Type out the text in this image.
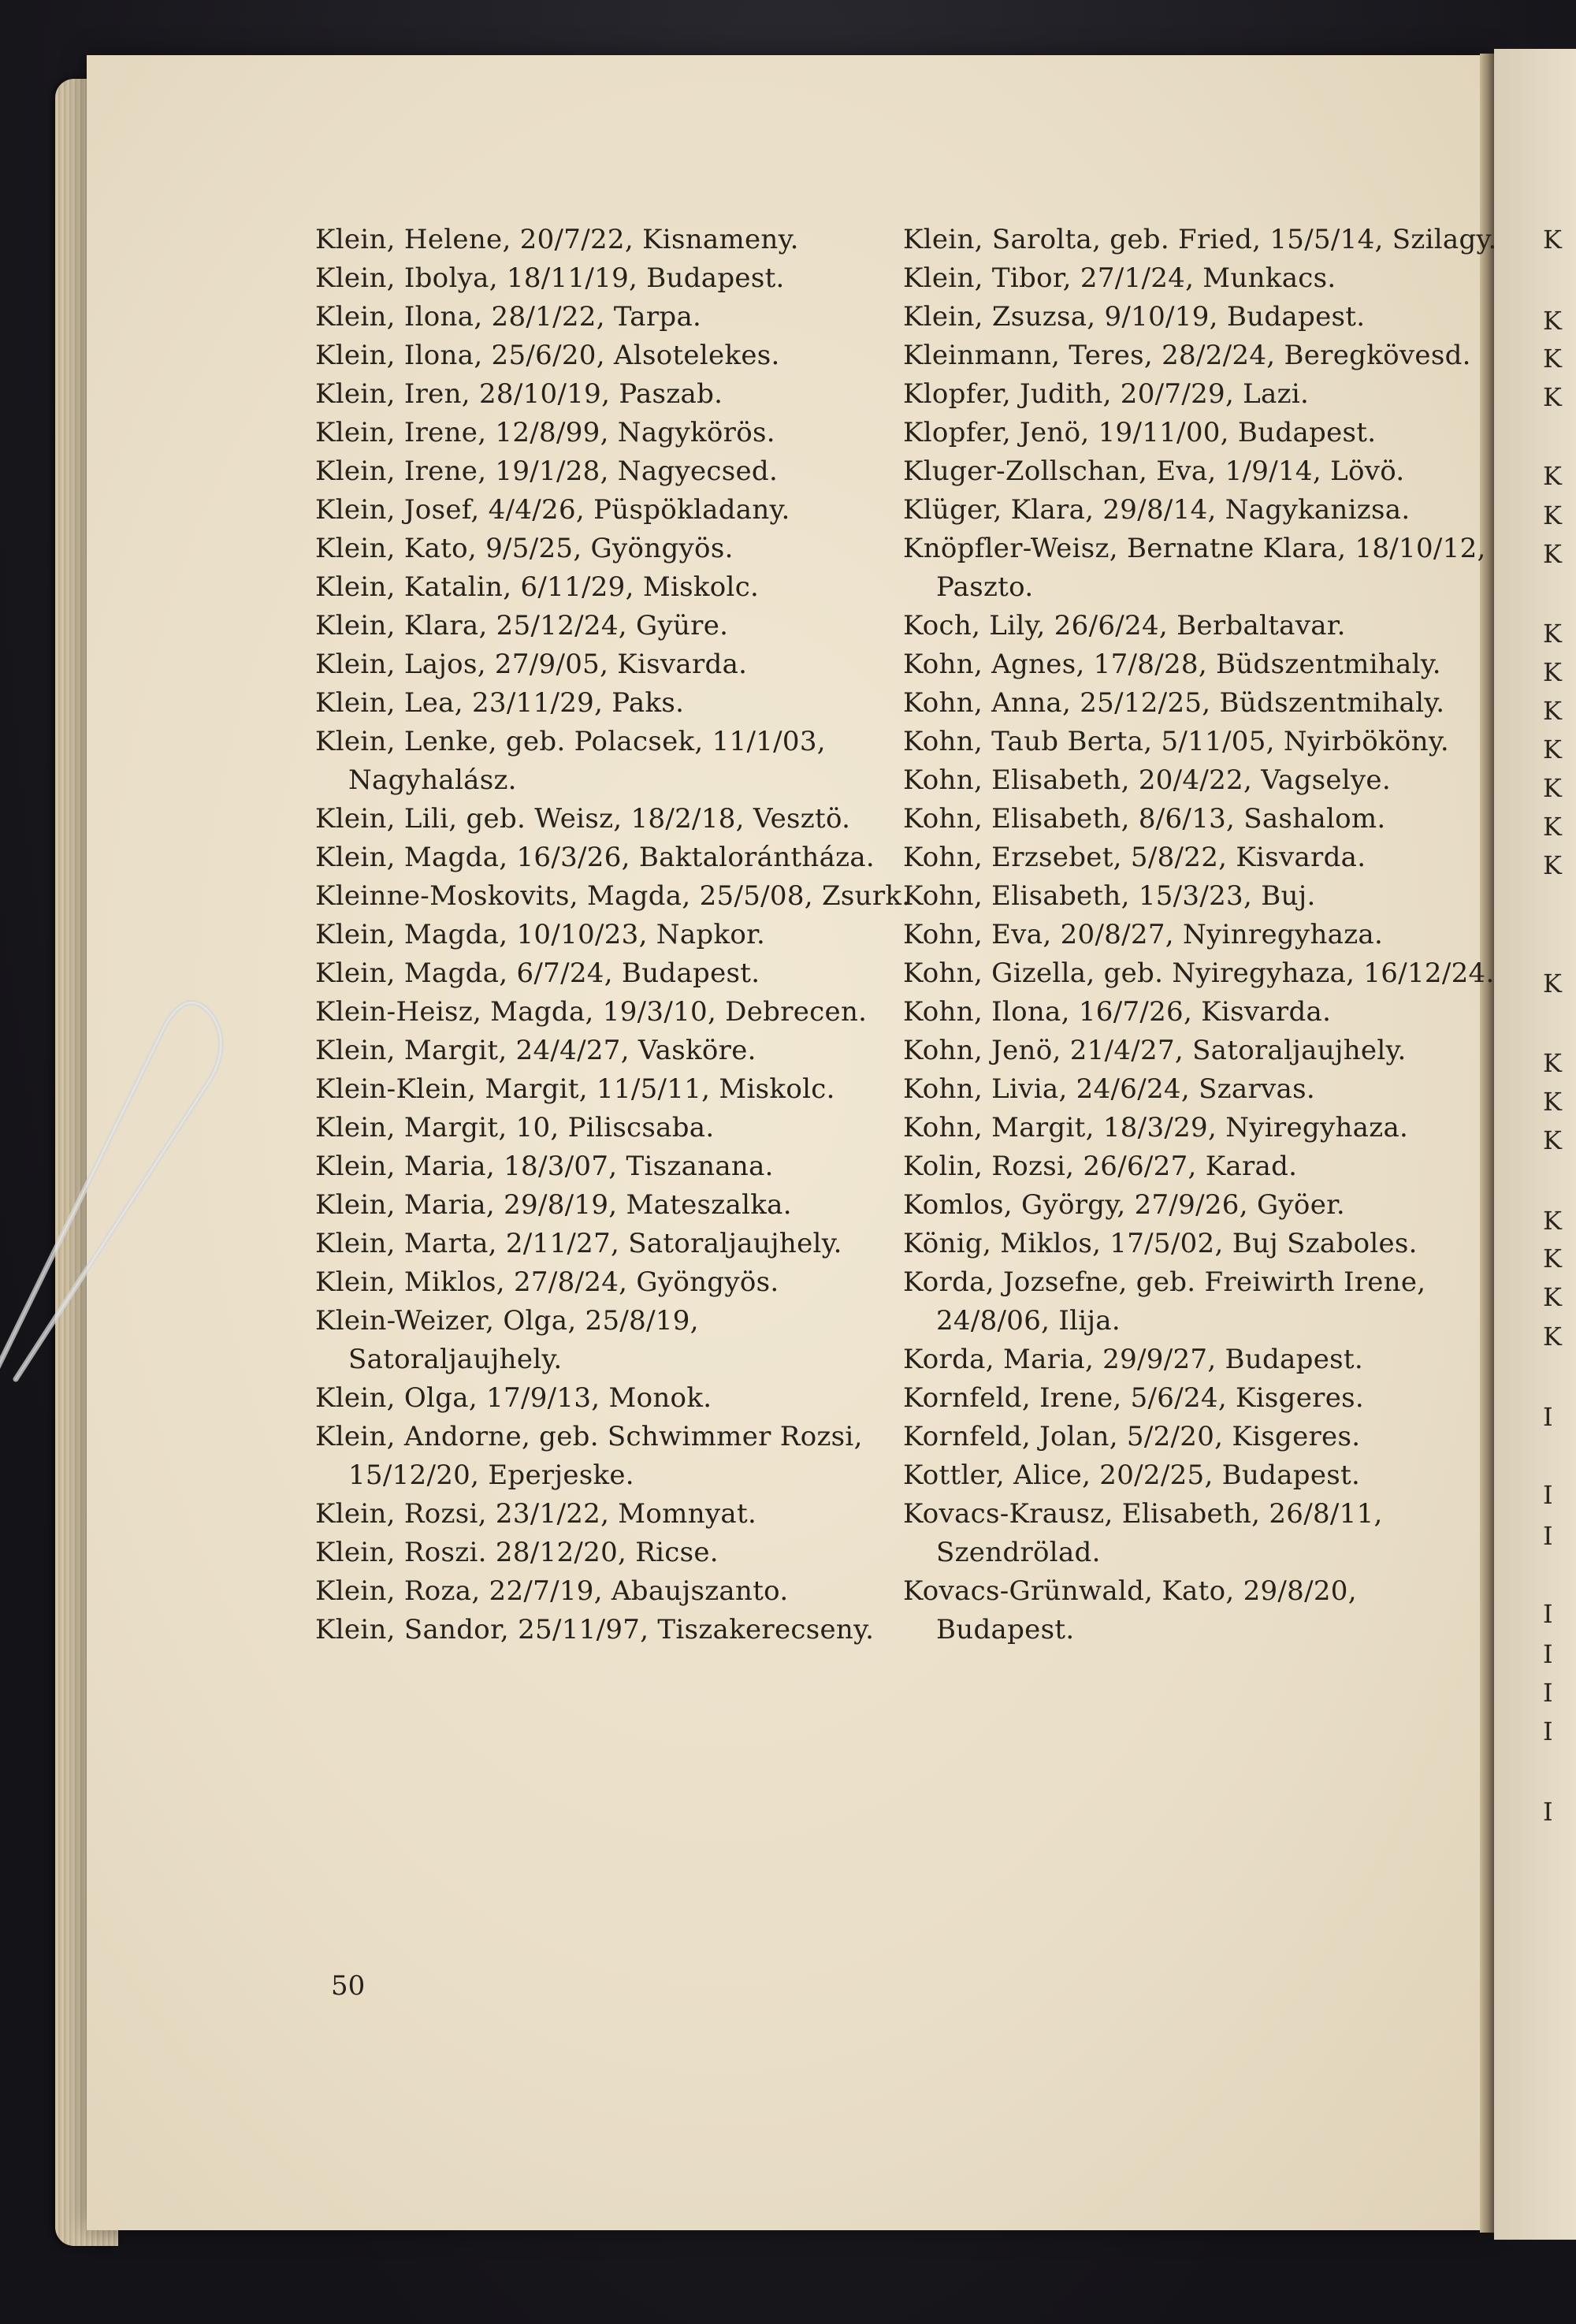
K
K
K
K
K
K
K
K
K
K
K
K
K
K
K
K
K
K
K
K
K
K
I
I
I
I
I
I
I
I
Klein, Helene, 20/7/22, Kisnameny.
Klein, Ibolya, 18/11/19, Budapest.
Klein, Ilona, 28/1/22, Tarpa.
Klein, Ilona, 25/6/20, Alsotelekes.
Klein, Iren, 28/10/19, Paszab.
Klein, Irene, 12/8/99, Nagykörös.
Klein, Irene, 19/1/28, Nagyecsed.
Klein, Josef, 4/4/26, Püspökladany.
Klein, Kato, 9/5/25, Gyöngyös.
Klein, Katalin, 6/11/29, Miskolc.
Klein, Klara, 25/12/24, Gyüre.
Klein, Lajos, 27/9/05, Kisvarda.
Klein, Lea, 23/11/29, Paks.
Klein, Lenke, geb. Polacsek, 11/1/03, Nagyhalász.
Klein, Lili, geb. Weisz, 18/2/18, Vesztö.
Klein, Magda, 16/3/26, Baktalorántháza.
Kleinne-Moskovits, Magda, 25/5/08, Zsurk.
Klein, Magda, 10/10/23, Napkor.
Klein, Magda, 6/7/24, Budapest.
Klein-Heisz, Magda, 19/3/10, Debrecen.
Klein, Margit, 24/4/27, Vasköre.
Klein-Klein, Margit, 11/5/11, Miskolc.
Klein, Margit, 10, Piliscsaba.
Klein, Maria, 18/3/07, Tiszanana.
Klein, Maria, 29/8/19, Mateszalka.
Klein, Marta, 2/11/27, Satoraljaujhely.
Klein, Miklos, 27/8/24, Gyöngyös.
Klein-Weizer, Olga, 25/8/19, Satoraljaujhely.
Klein, Olga, 17/9/13, Monok.
Klein, Andorne, geb. Schwimmer Rozsi, 15/12/20, Eperjeske.
Klein, Rozsi, 23/1/22, Momnyat.
Klein, Roszi. 28/12/20, Ricse.
Klein, Roza, 22/7/19, Abaujszanto.
Klein, Sandor, 25/11/97, Tiszakerecseny.
Klein, Sarolta, geb. Fried, 15/5/14, Szilagy.
Klein, Tibor, 27/1/24, Munkacs.
Klein, Zsuzsa, 9/10/19, Budapest.
Kleinmann, Teres, 28/2/24, Beregkövesd.
Klopfer, Judith, 20/7/29, Lazi.
Klopfer, Jenö, 19/11/00, Budapest.
Kluger-Zollschan, Eva, 1/9/14, Lövö.
Klüger, Klara, 29/8/14, Nagykanizsa.
Knöpfler-Weisz, Bernatne Klara, 18/10/12, Paszto.
Koch, Lily, 26/6/24, Berbaltavar.
Kohn, Agnes, 17/8/28, Büdszentmihaly.
Kohn, Anna, 25/12/25, Büdszentmihaly.
Kohn, Taub Berta, 5/11/05, Nyirbököny.
Kohn, Elisabeth, 20/4/22, Vagselye.
Kohn, Elisabeth, 8/6/13, Sashalom.
Kohn, Erzsebet, 5/8/22, Kisvarda.
Kohn, Elisabeth, 15/3/23, Buj.
Kohn, Eva, 20/8/27, Nyinregyhaza.
Kohn, Gizella, geb. Nyiregyhaza, 16/12/24.
Kohn, Ilona, 16/7/26, Kisvarda.
Kohn, Jenö, 21/4/27, Satoraljaujhely.
Kohn, Livia, 24/6/24, Szarvas.
Kohn, Margit, 18/3/29, Nyiregyhaza.
Kolin, Rozsi, 26/6/27, Karad.
Komlos, György, 27/9/26, Gyöer.
König, Miklos, 17/5/02, Buj Szaboles.
Korda, Jozsefne, geb. Freiwirth Irene, 24/8/06, Ilija.
Korda, Maria, 29/9/27, Budapest.
Kornfeld, Irene, 5/6/24, Kisgeres.
Kornfeld, Jolan, 5/2/20, Kisgeres.
Kottler, Alice, 20/2/25, Budapest.
Kovacs-Krausz, Elisabeth, 26/8/11, Szendrölad.
Kovacs-Grünwald, Kato, 29/8/20, Budapest.
50
